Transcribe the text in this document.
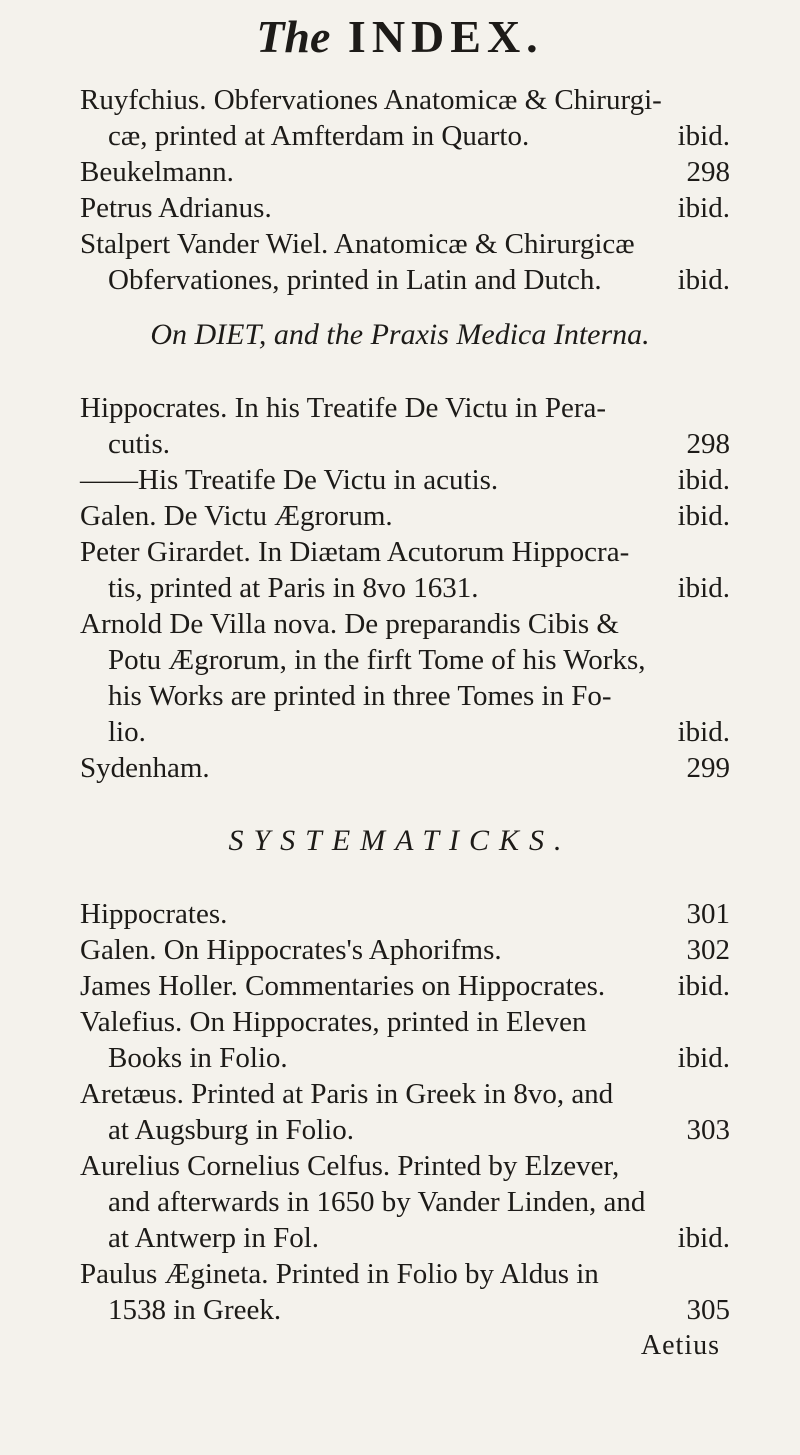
The INDEX.
Ruyfchius. Obfervationes Anatomicæ & Chirurgi-
cæ, printed at Amfterdam in Quarto.	ibid.
Beukelmann.	298
Petrus Adrianus.	ibid.
Stalpert Vander Wiel. Anatomicæ & Chirurgicæ
Obfervationes, printed in Latin and Dutch.	ibid.
On DIET, and the Praxis Medica Interna.
Hippocrates. In his Treatife De Victu in Pera-
cutis.	298
——His Treatife De Victu in acutis.	ibid.
Galen. De Victu Ægrorum.	ibid.
Peter Girardet. In Diætam Acutorum Hippocra-
tis, printed at Paris in 8vo 1631.	ibid.
Arnold De Villa nova. De preparandis Cibis &
Potu Ægrorum, in the firft Tome of his Works,
his Works are printed in three Tomes in Fo-
lio.	ibid.
Sydenham.	299
SYSTEMATICKS.
Hippocrates.	301
Galen. On Hippocrates's Aphorifms.	302
James Holler. Commentaries on Hippocrates.	ibid.
Valefius. On Hippocrates, printed in Eleven
Books in Folio.	ibid.
Aretæus. Printed at Paris in Greek in 8vo, and
at Augsburg in Folio.	303
Aurelius Cornelius Celfus. Printed by Elzever,
and afterwards in 1650 by Vander Linden, and
at Antwerp in Fol.	ibid.
Paulus Ægineta. Printed in Folio by Aldus in
1538 in Greek.	305
Aetius
